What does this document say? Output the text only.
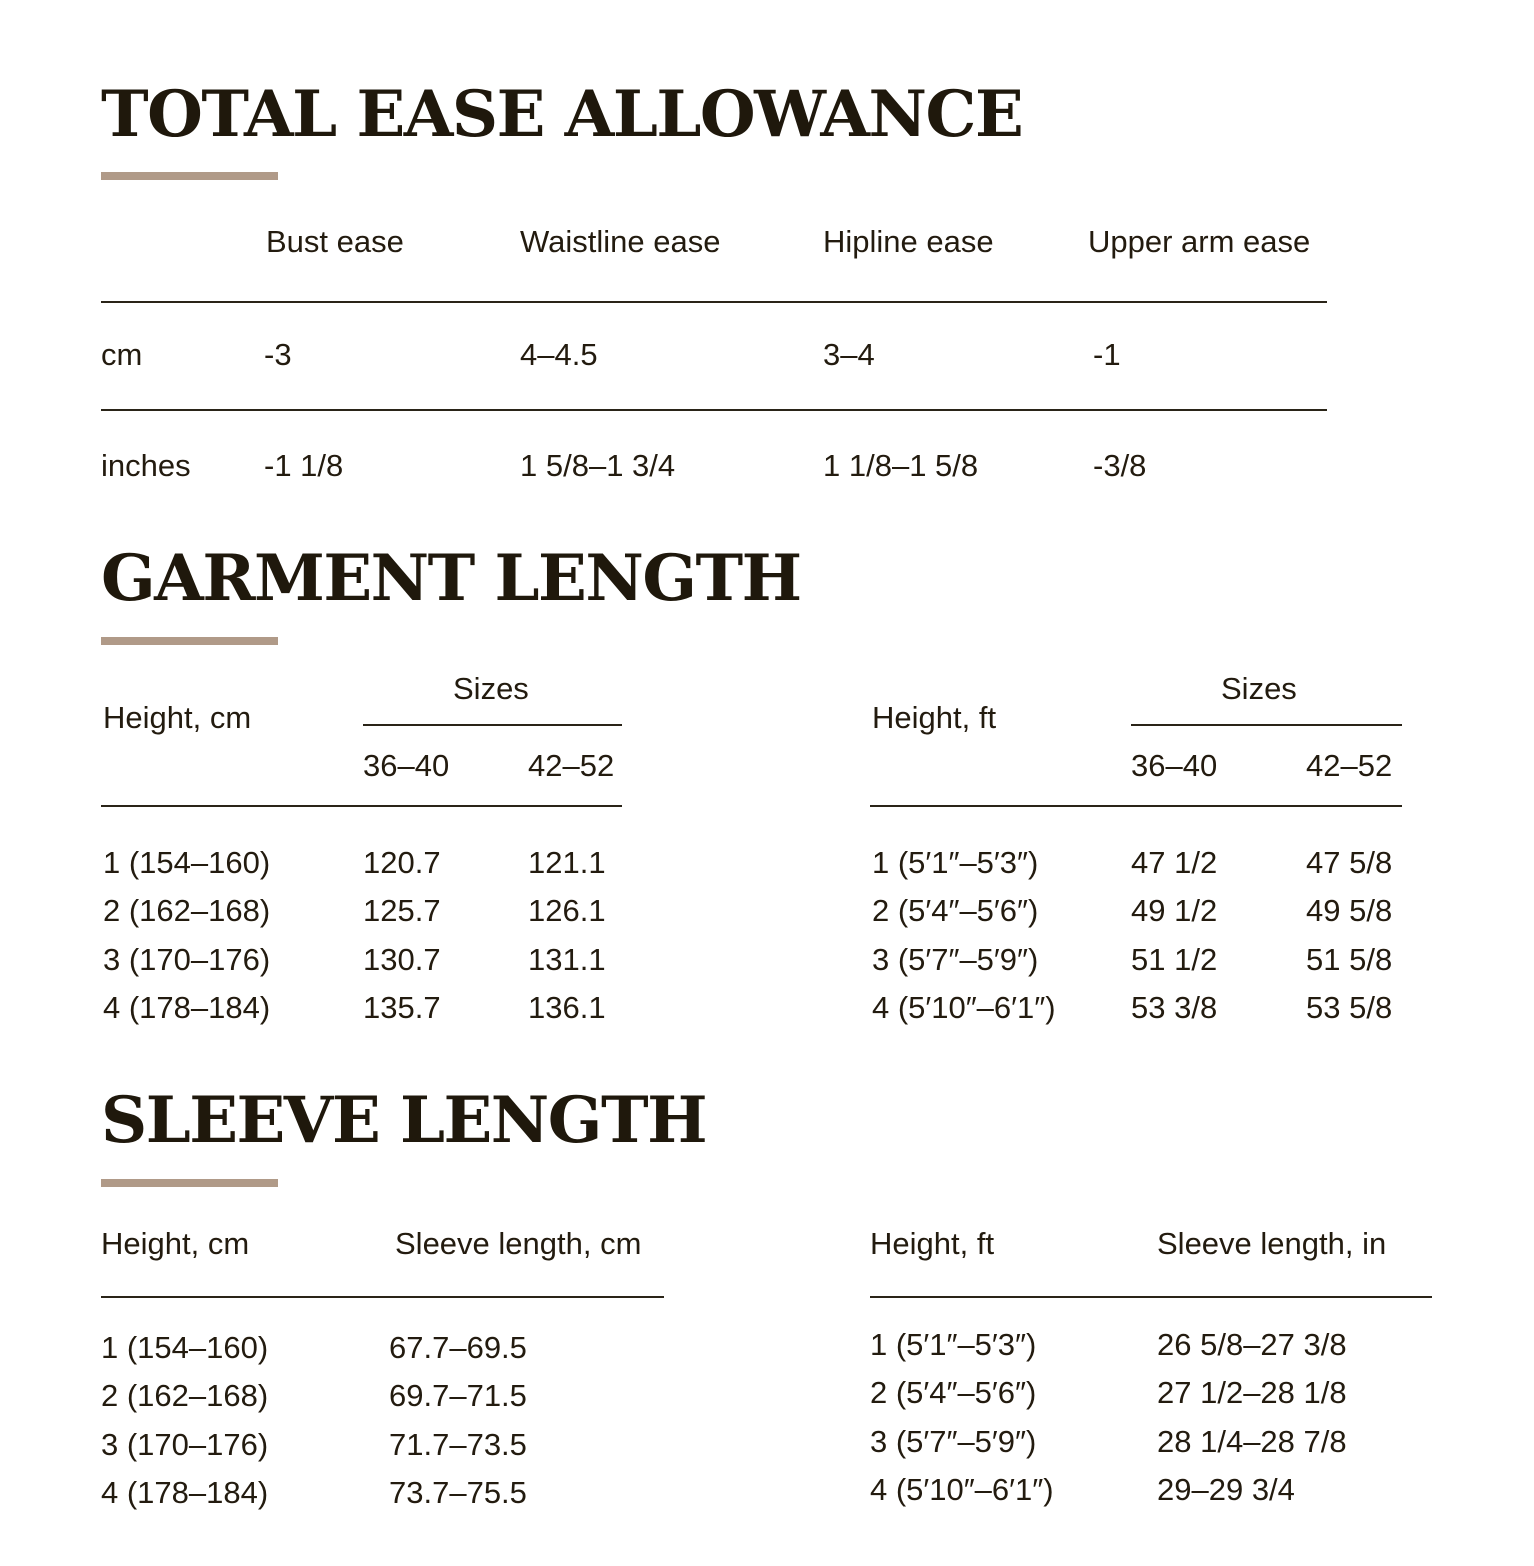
TOTAL EASE ALLOWANCE
Bust ease	Waistline ease	Hipline ease	Upper arm ease
cm	-3	4–4.5	3–4	-1
inches -1 1/8	1 5/8–1 3/4	1 1/8–1 5/8	-3/8
GARMENT LENGTH
Height, cm
Sizes
36–40	42–52
1 (154–160)	120.7	121.1
2 (162–168)	125.7	126.1
3 (170–176)	130.7	131.1
4 (178–184)	135.7	136.1
Height, ft
Sizes
36–40	42–52
1 (5′1″–5′3″)	47 1/2	47 5/8
2 (5′4″–5′6″)	49 1/2	49 5/8
3 (5′7″–5′9″)	51 1/2	51 5/8
4 (5′10″–6′1″) 53 3/8	53 5/8
SLEEVE LENGTH
Height, cm	Sleeve length, cm
1 (154–160)	67.7–69.5
2 (162–168)	69.7–71.5
3 (170–176)	71.7–73.5
4 (178–184)	73.7–75.5
Height, ft	Sleeve length, in
1 (5′1″–5′3″)	26 5/8–27 3/8
2 (5′4″–5′6″)	27 1/2–28 1/8
3 (5′7″–5′9″)	28 1/4–28 7/8
4 (5′10″–6′1″)	29–29 3/4
